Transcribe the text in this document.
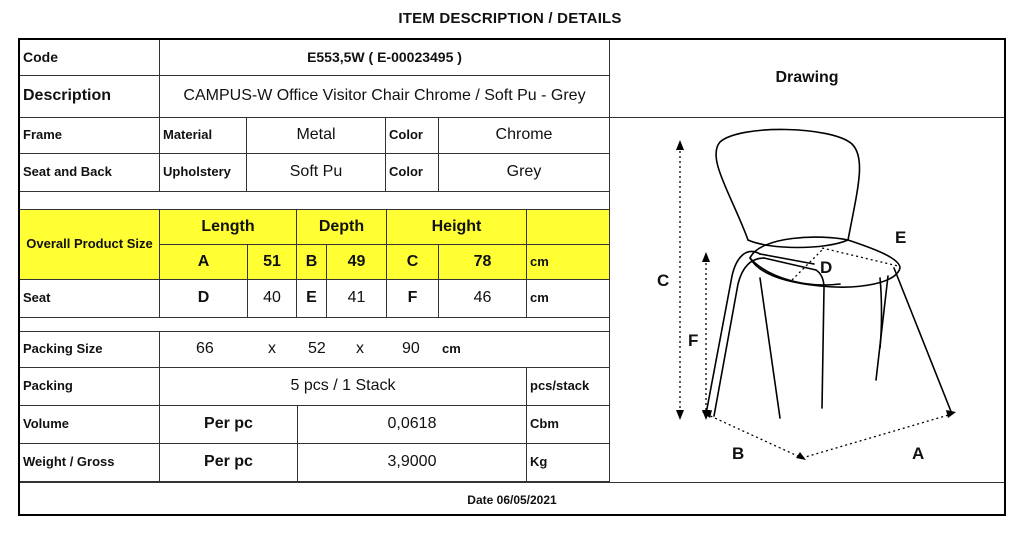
ITEM DESCRIPTION / DETAILS
Code	E553,5W ( E-00023495 )
Drawing
Description	CAMPUS-W Office Visitor Chair Chrome / Soft Pu - Grey
Frame	Material	Metal	Color	Chrome
Seat and Back	Upholstery	Soft Pu	Color	Grey
Overall Product Size
Length	Depth	Height
A	51	B	49	C	78	cm
Seat	D	40	E	41	F	46	cm
Packing Size	66	x 52 x 90 cm
Packing	5 pcs / 1 Stack	pcs/stack
Volume	Per pc	0,0618	Cbm
Weight / Gross	Per pc	3,9000	Kg
C
F
B	A
D
E
Date 06/05/2021
